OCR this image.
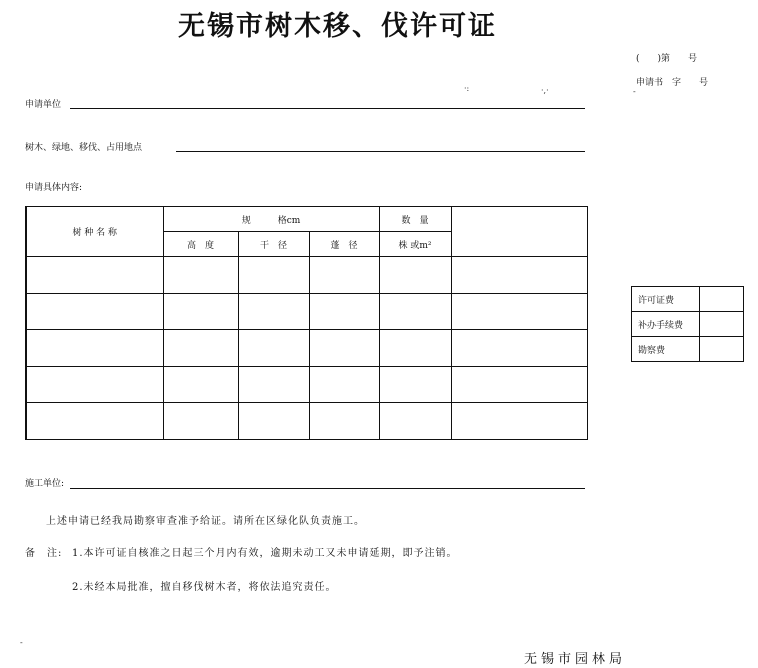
无锡市树木移、伐许可证
(　　)第　　号
申请书　字　　号
·:	·,·	-
申请单位
树木、绿地、移伐、占用地点
申请具体内容:
树 种 名 称	规　　　格cm			数　量	
	高　度	干　径	蓬　径	株 或m²	

许可证费	
补办手续费	
勘察费	
施工单位:
上述申请已经我局勘察审查准予给证。请所在区绿化队负责施工。
备　注: 1.本许可证自核准之日起三个月内有效，逾期未动工又未申请延期，即予注销。
2.未经本局批准，擅自移伐树木者，将依法追究责任。
-
无锡市园林局
